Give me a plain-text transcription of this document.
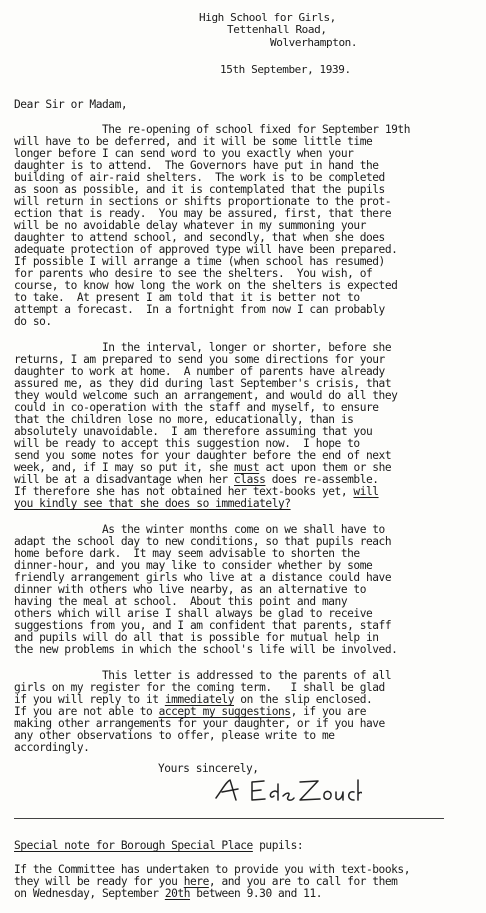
High School for Girls,
Tettenhall Road,
Wolverhampton.
15th September, 1939.
Dear Sir or Madam,
The re-opening of school fixed for September 19th
will have to be deferred, and it will be some little time
longer before I can send word to you exactly when your
daughter is to attend.  The Governors have put in hand the
building of air-raid shelters.  The work is to be completed
as soon as possible, and it is contemplated that the pupils
will return in sections or shifts proportionate to the prot-
ection that is ready.  You may be assured, first, that there
will be no avoidable delay whatever in my summoning your
daughter to attend school, and secondly, that when she does
adequate protection of approved type will have been prepared.
If possible I will arrange a time (when school has resumed)
for parents who desire to see the shelters.  You wish, of
course, to know how long the work on the shelters is expected
to take.  At present I am told that it is better not to
attempt a forecast.  In a fortnight from now I can probably
do so.
In the interval, longer or shorter, before she
returns, I am prepared to send you some directions for your
daughter to work at home.  A number of parents have already
assured me, as they did during last September's crisis, that
they would welcome such an arrangement, and would do all they
could in co-operation with the staff and myself, to ensure
that the children lose no more, educationally, than is
absolutely unavoidable.  I am therefore assuming that you
will be ready to accept this suggestion now.  I hope to
send you some notes for your daughter before the end of next
week, and, if I may so put it, she must act upon them or she
will be at a disadvantage when her class does re-assemble.
If therefore she has not obtained her text-books yet, will
you kindly see that she does so immediately?
As the winter months come on we shall have to
adapt the school day to new conditions, so that pupils reach
home before dark.  It may seem advisable to shorten the
dinner-hour, and you may like to consider whether by some
friendly arrangement girls who live at a distance could have
dinner with others who live nearby, as an alternative to
having the meal at school.  About this point and many
others which will arise I shall always be glad to receive
suggestions from you, and I am confident that parents, staff
and pupils will do all that is possible for mutual help in
the new problems in which the school's life will be involved.
This letter is addressed to the parents of all
girls on my register for the coming term.   I shall be glad
if you will reply to it immediately on the slip enclosed.
If you are not able to accept my suggestions, if you are
making other arrangements for your daughter, or if you have
any other observations to offer, please write to me
accordingly.
Yours sincerely,
Special note for Borough Special Place pupils:
If the Committee has undertaken to provide you with text-books,
they will be ready for you here, and you are to call for them
on Wednesday, September 20th between 9.30 and 11.
